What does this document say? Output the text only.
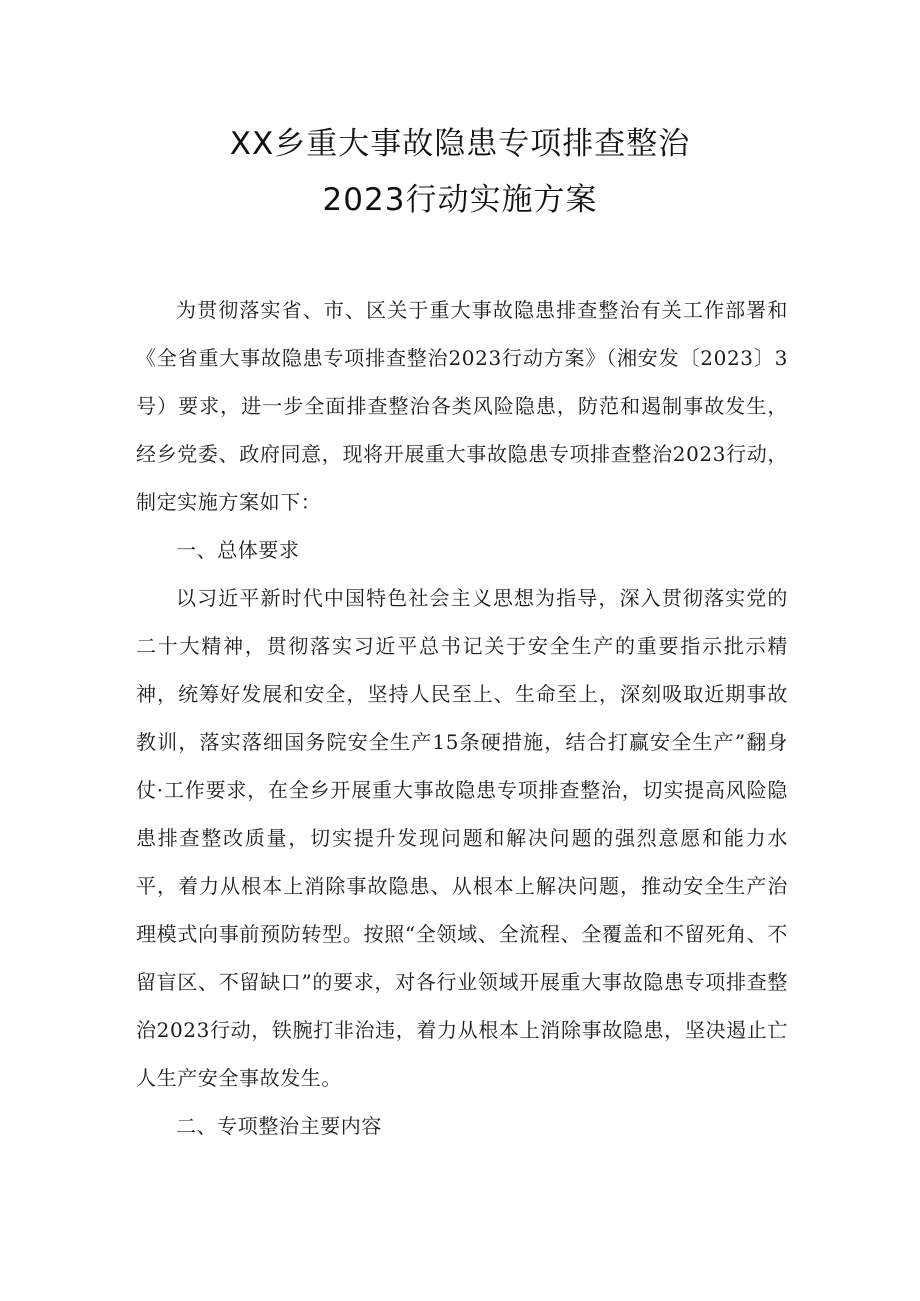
XX乡重大事故隐患专项排查整治
2023行动实施方案

为贯彻落实省、市、区关于重大事故隐患排查整治有关工作部署和《全省重大事故隐患专项排查整治2023行动方案》（湘安发〔2023〕3号）要求，进一步全面排查整治各类风险隐患，防范和遏制事故发生，经乡党委、政府同意，现将开展重大事故隐患专项排查整治2023行动，制定实施方案如下：

一、总体要求

以习近平新时代中国特色社会主义思想为指导，深入贯彻落实党的二十大精神，贯彻落实习近平总书记关于安全生产的重要指示批示精神，统筹好发展和安全，坚持人民至上、生命至上，深刻吸取近期事故教训，落实落细国务院安全生产15条硬措施，结合打赢安全生产”翻身仗·工作要求，在全乡开展重大事故隐患专项排查整治，切实提高风险隐患排查整改质量，切实提升发现问题和解决问题的强烈意愿和能力水平，着力从根本上消除事故隐患、从根本上解决问题，推动安全生产治理模式向事前预防转型。按照“全领域、全流程、全覆盖和不留死角、不留盲区、不留缺口”的要求，对各行业领域开展重大事故隐患专项排查整治2023行动，铁腕打非治违，着力从根本上消除事故隐患，坚决遏止亡人生产安全事故发生。

二、专项整治主要内容
